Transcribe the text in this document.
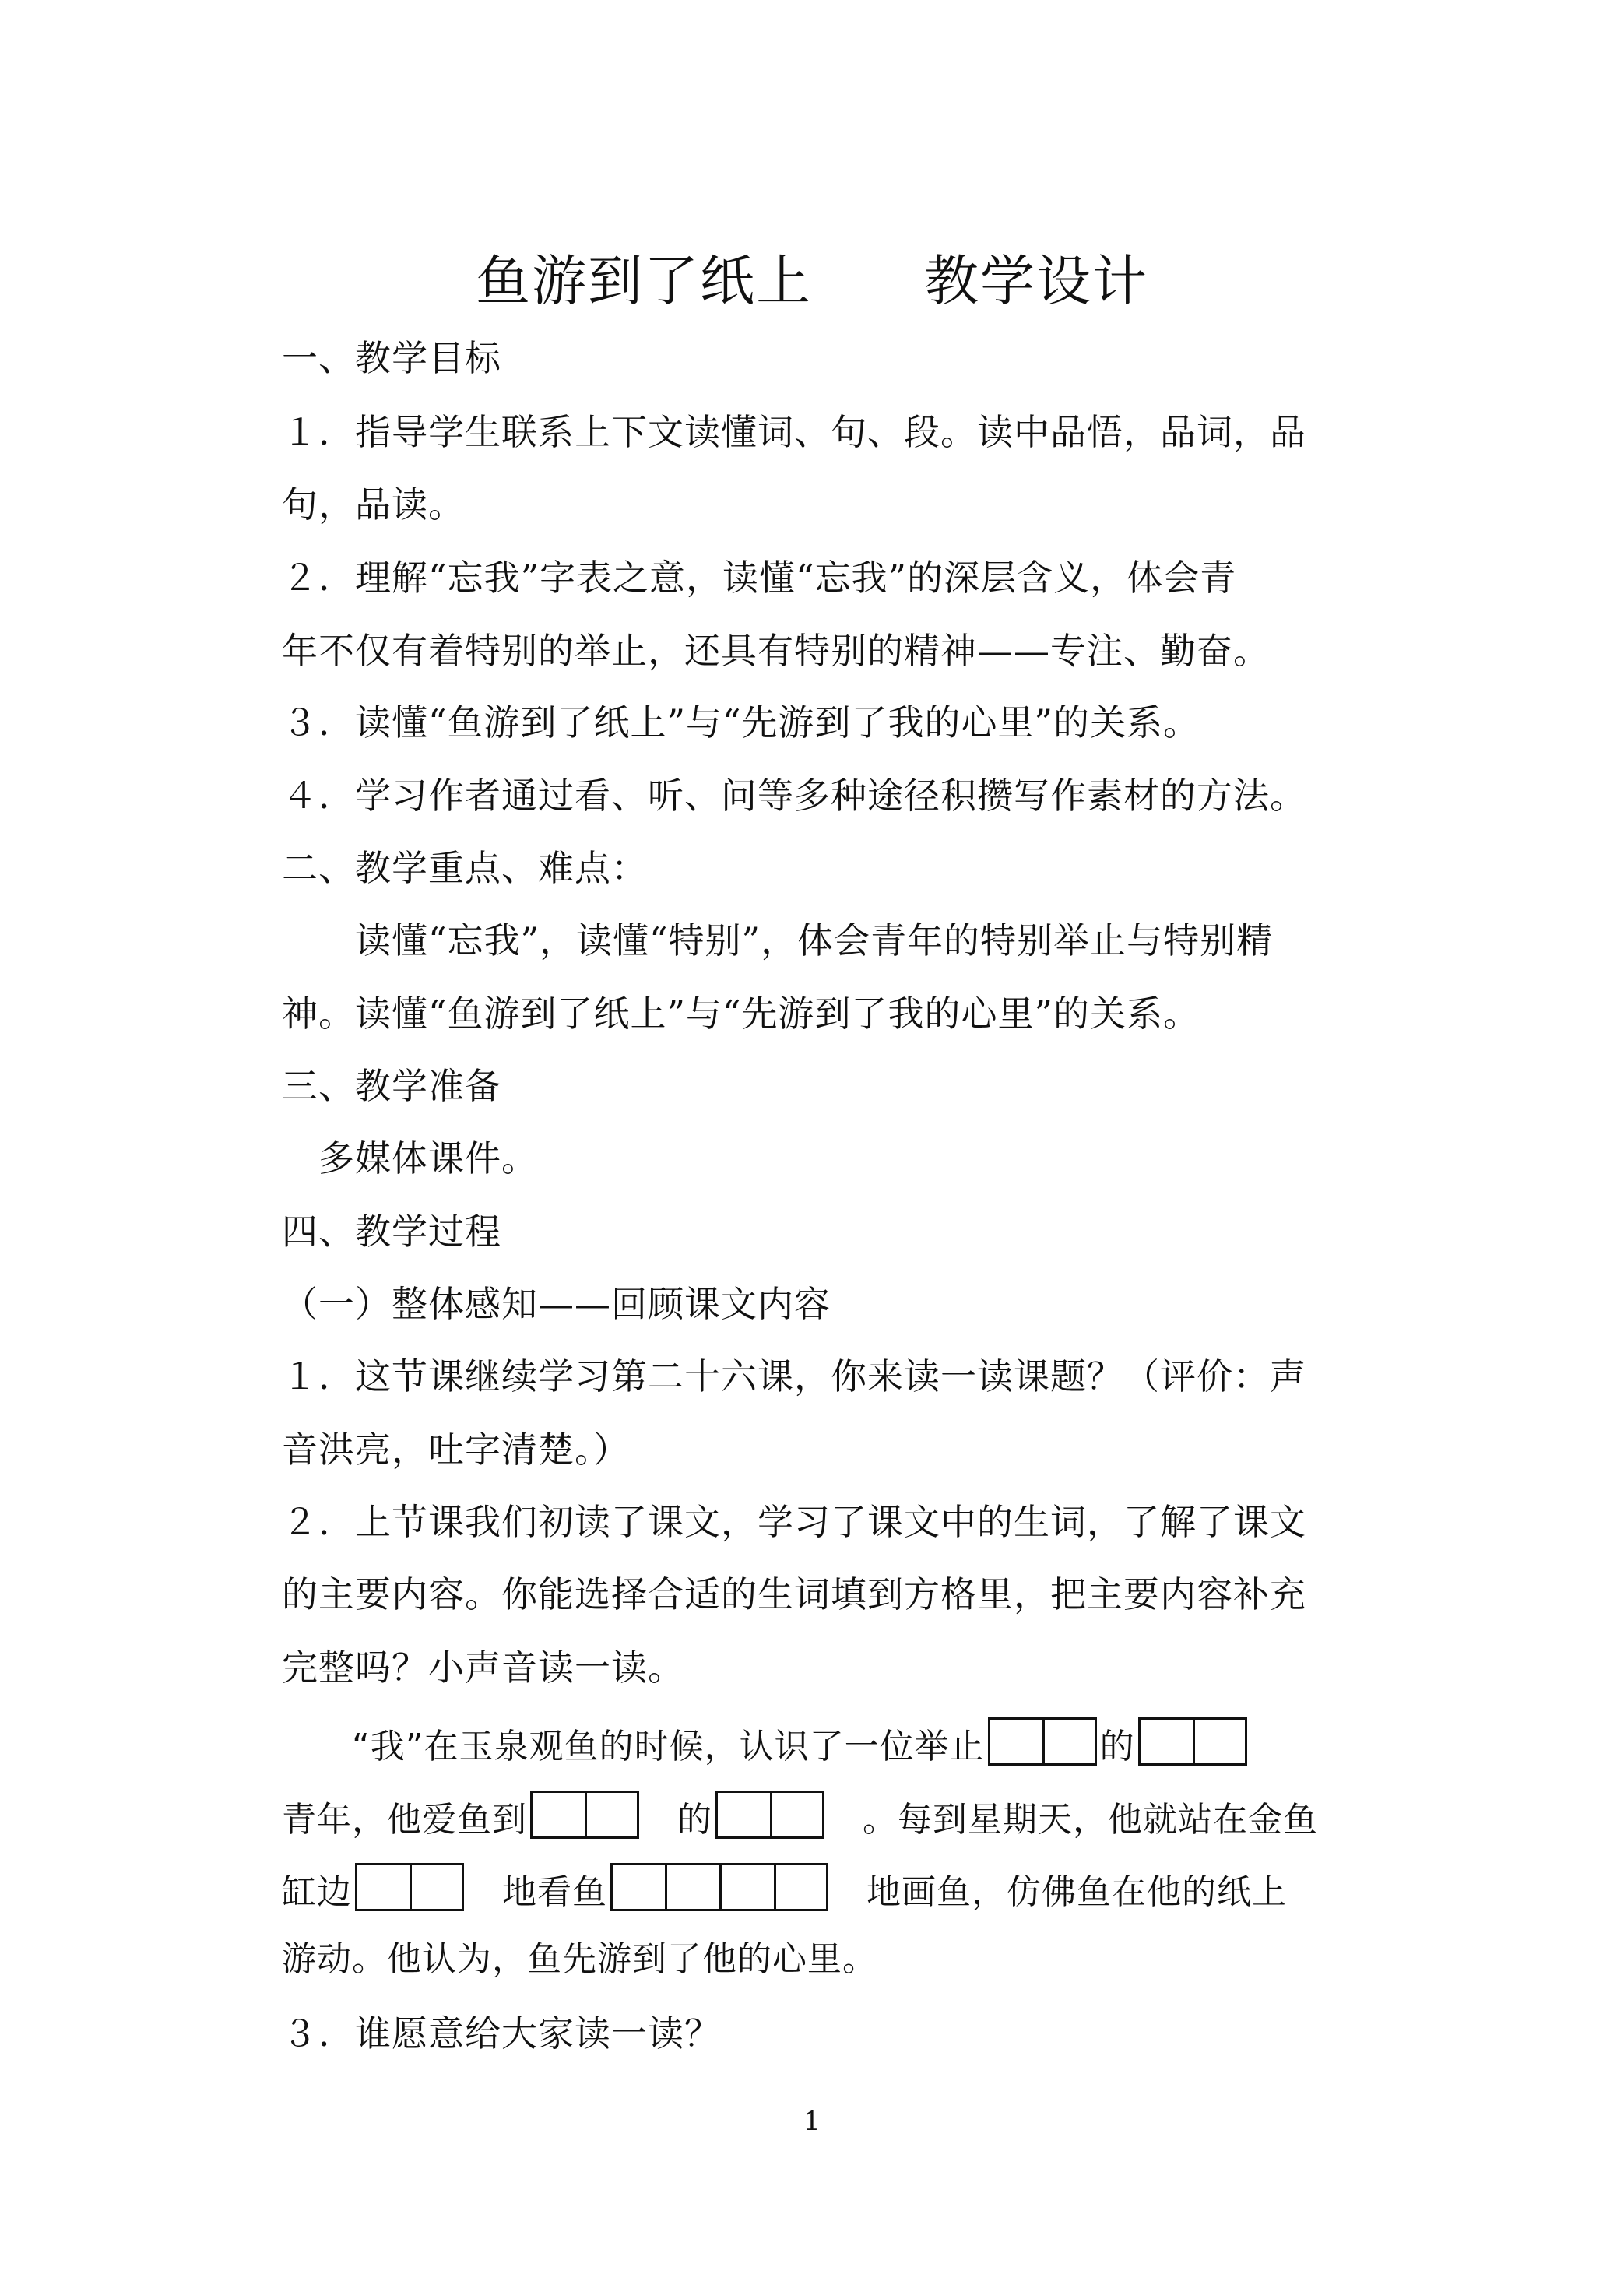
鱼游到了纸上　　教学设计
一、教学目标
１．指导学生联系上下文读懂词、句、段。读中品悟，品词，品
句，品读。
２．理解“忘我”字表之意，读懂“忘我”的深层含义，体会青
年不仅有着特别的举止，还具有特别的精神——专注、勤奋。
３．读懂“鱼游到了纸上”与“先游到了我的心里”的关系。
４．学习作者通过看、听、问等多种途径积攒写作素材的方法。
二、教学重点、难点：
　　读懂“忘我”，读懂“特别”，体会青年的特别举止与特别精
神。读懂“鱼游到了纸上”与“先游到了我的心里”的关系。
三、教学准备
　多媒体课件。
四、教学过程
（一）整体感知——回顾课文内容
１．这节课继续学习第二十六课，你来读一读课题？（评价：声
音洪亮，吐字清楚。）
２．上节课我们初读了课文，学习了课文中的生词，了解了课文
的主要内容。你能选择合适的生词填到方格里，把主要内容补充
完整吗？小声音读一读。
　　“我”在玉泉观鱼的时候，认识了一位举止	的
青年，他爱鱼到
　	的
　	。每到星期天，他就站在金鱼
缸边
　	地看鱼
　	地画鱼，仿佛鱼在他的纸上
游动。他认为，鱼先游到了他的心里。
３．谁愿意给大家读一读？
1
